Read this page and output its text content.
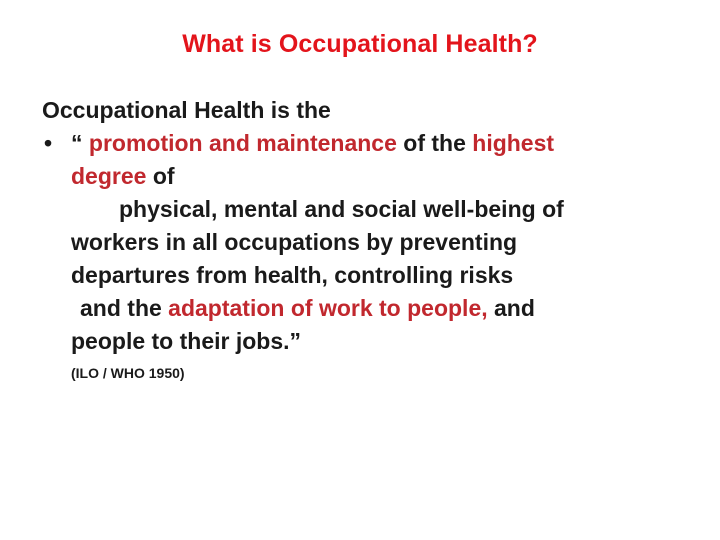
What is Occupational Health?
Occupational Health is the
• “ promotion and maintenance of the highest
degree of
physical, mental and social well-being of
workers in all occupations by preventing
departures from health, controlling risks
and the adaptation of work to people, and
people to their jobs.”
(ILO / WHO 1950)
